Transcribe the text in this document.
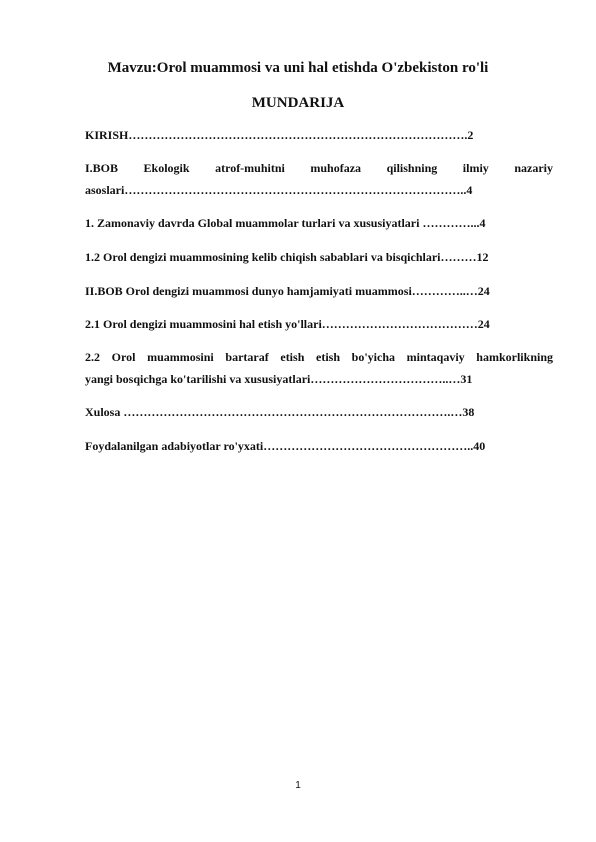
Mavzu:Orol muammosi va uni hal etishda O'zbekiston ro'li
MUNDARIJA
KIRISH………………………………………………………………………….2
I.BOB Ekologik atrof-muhitni muhofaza qilishning ilmiy nazariy
asoslari…………………………………………………………………………..4
1. Zamonaviy davrda Global muammolar turlari va xususiyatlari …………...4
1.2 Orol dengizi muammosining kelib chiqish sabablari va bisqichlari………12
II.BOB Orol dengizi muammosi dunyo hamjamiyati muammosi…………..…24
2.1 Orol dengizi muammosini hal etish yo'llari…………………………………24
2.2 Orol muammosini bartaraf etish etish bo'yicha mintaqaviy hamkorlikning
yangi bosqichga ko'tarilishi va xususiyatlari……………………………..…31
Xulosa ……………………………………………………………………….…38
Foydalanilgan adabiyotlar ro'yxati……………………………………………..40
1
